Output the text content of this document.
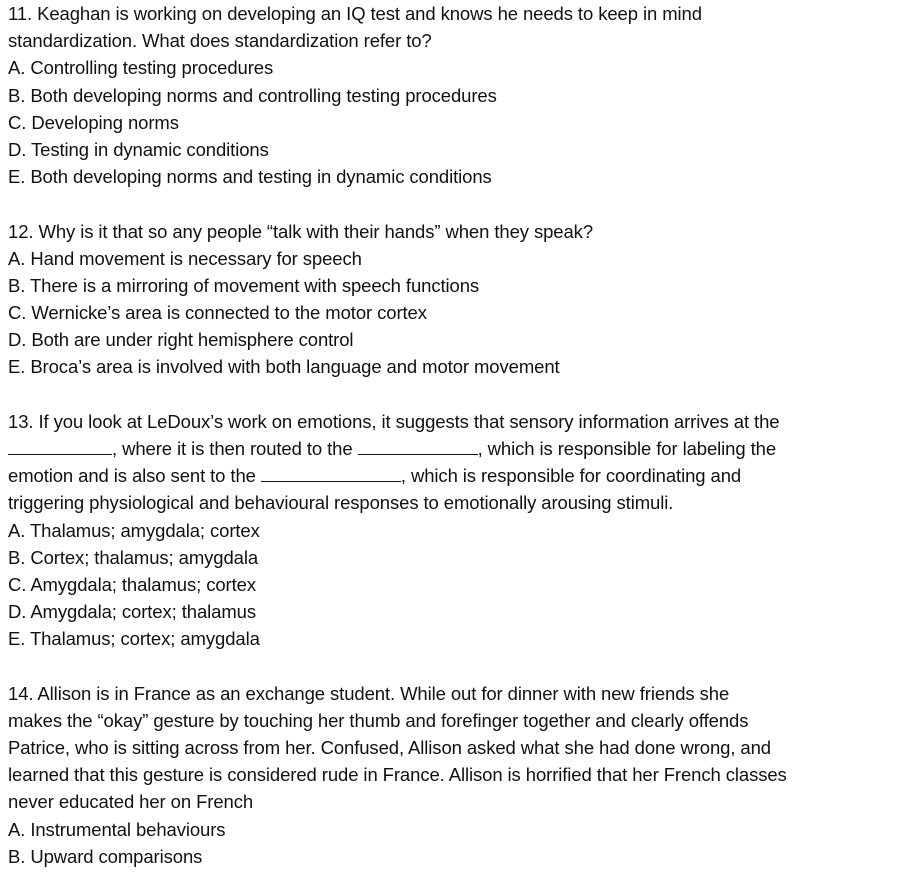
11. Keaghan is working on developing an IQ test and knows he needs to keep in mind
standardization. What does standardization refer to?
A. Controlling testing procedures
B. Both developing norms and controlling testing procedures
C. Developing norms
D. Testing in dynamic conditions
E. Both developing norms and testing in dynamic conditions
12. Why is it that so any people “talk with their hands” when they speak?
A. Hand movement is necessary for speech
B. There is a mirroring of movement with speech functions
C. Wernicke’s area is connected to the motor cortex
D. Both are under right hemisphere control
E. Broca’s area is involved with both language and motor movement
13. If you look at LeDoux’s work on emotions, it suggests that sensory information arrives at the
, where it is then routed to the	, which is responsible for labeling the
emotion and is also sent to the	, which is responsible for coordinating and
triggering physiological and behavioural responses to emotionally arousing stimuli.
A. Thalamus; amygdala; cortex
B. Cortex; thalamus; amygdala
C. Amygdala; thalamus; cortex
D. Amygdala; cortex; thalamus
E. Thalamus; cortex; amygdala
14. Allison is in France as an exchange student. While out for dinner with new friends she
makes the “okay” gesture by touching her thumb and forefinger together and clearly offends
Patrice, who is sitting across from her. Confused, Allison asked what she had done wrong, and
learned that this gesture is considered rude in France. Allison is horrified that her French classes
never educated her on French
A. Instrumental behaviours
B. Upward comparisons
